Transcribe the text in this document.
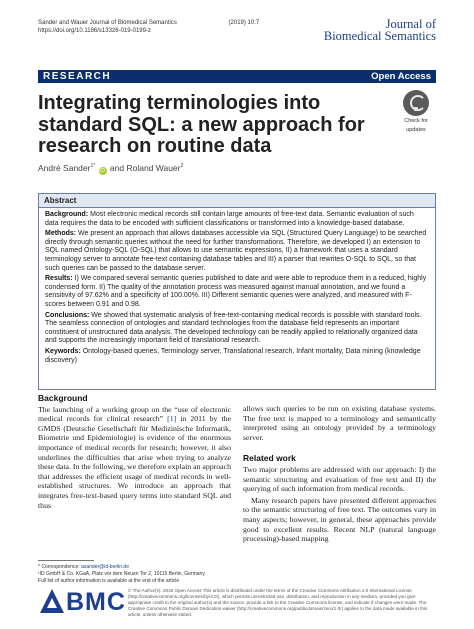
Sander and Wauer Journal of Biomedical Semantics	(2019) 10:7
https://doi.org/10.1186/s13326-019-0199-z	Journal of
Biomedical Semantics
RESEARCH	Open Access
Integrating terminologies into standard SQL: a new approach for research on routine data
Check for
updates
André Sander$^{1*}$ iD and Roland Wauer$^2$
Abstract

Background: Most electronic medical records still contain large amounts of free-text data. Semantic evaluation of such data requires the data to be encoded with sufficient classifications or transformed into a knowledge-based database.

Methods: We present an approach that allows databases accessible via SQL (Structured Query Language) to be searched directly through semantic queries without the need for further transformations. Therefore, we developed I) an extension to SQL named Ontology-SQL (O-SQL) that allows to use semantic expressions, II) a framework that uses a standard terminology server to annotate free-text containing database tables and III) a parser that rewrites O-SQL to SQL, so that such queries can be passed to the database server.

Results: I) We compared several semantic queries published to date and were able to reproduce them in a reduced, highly condensed form. II) The quality of the annotation process was measured against manual annotation, and we found a sensitivity of 97.62% and a specificity of 100.00%. III) Different semantic queries were analyzed, and measured with F-scores between 0.91 and 0.98.

Conclusions: We showed that systematic analysis of free-text-containing medical records is possible with standard tools. The seamless connection of ontologies and standard technologies from the database field represents an important constituent of unstructured data analysis. The developed technology can be readily applied to relationally organized data and supports the increasingly important field of translational research.

Keywords: Ontology-based queries, Terminology server, Translational research, Infant mortality, Data mining (knowledge discovery)

Background

The launching of a working group on the “use of electronic medical records for clinical research” [1] in 2011 by the GMDS (Deutsche Gesellschaft für Medizinische Informatik, Biometrie und Epidemiologie) is evidence of the enormous importance of medical records for research; however, it also underlines the difficulties that arise when trying to analyze these data. In the following, we therefore explain an approach that addresses the efficient usage of medical records in well-established structures. We introduce an approach that integrates free-text-based query terms into standard SQL and thus

allows such queries to be run on existing database systems. The free text is mapped to a terminology and semantically interpreted using an ontology provided by a terminology server.

Related work

Two major problems are addressed with our approach: I) the semantic structuring and evaluation of free text and II) the querying of such information from medical records.

Many research papers have presented different approaches to the semantic structuring of free text. The outcomes vary in many aspects; however, in general, these approaches provide good to excellent results. Recent NLP (natural language processing)-based mapping

* Correspondence: asander@id-berlin.de
¹ID GmbH & Co. KGaA, Platz vor dem Neuen Tor 2, 10115 Berlin, Germany
Full list of author information is available at the end of the article
BMC © The Author(s). 2019 Open Access This article is distributed under the terms of the Creative Commons Attribution 4.0 International License (http://creativecommons.org/licenses/by/4.0/), which permits unrestricted use, distribution, and reproduction in any medium, provided you give appropriate credit to the original author(s) and the source, provide a link to the Creative Commons license, and indicate if changes were made. The Creative Commons Public Domain Dedication waiver (http://creativecommons.org/publicdomain/zero/1.0/) applies to the data made available in this article, unless otherwise stated.
